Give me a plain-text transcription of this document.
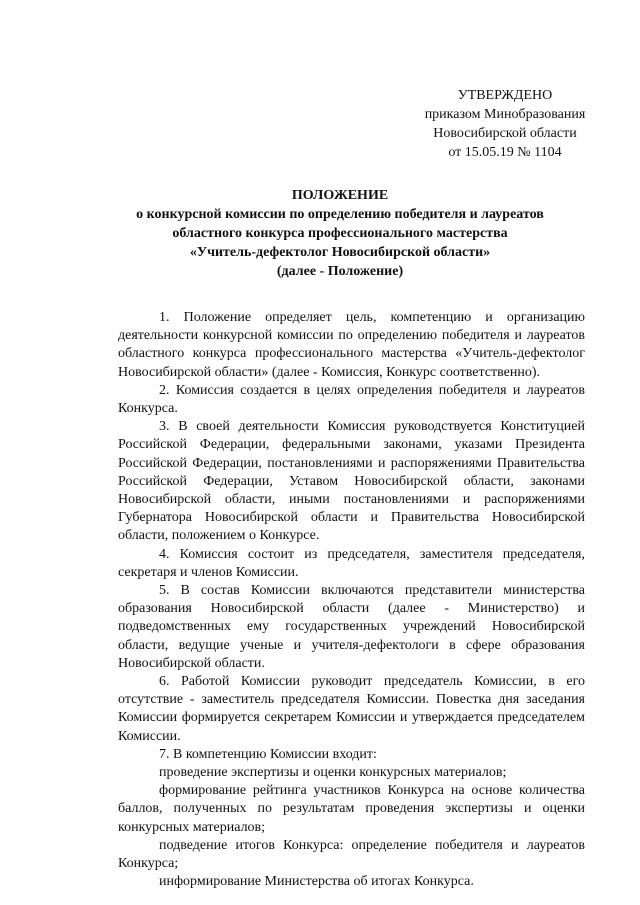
УТВЕРЖДЕНО
приказом Минобразования
Новосибирской области
от 15.05.19 № 1104
ПОЛОЖЕНИЕ
о конкурсной комиссии по определению победителя и лауреатов
областного конкурса профессионального мастерства
«Учитель-дефектолог Новосибирской области»
(далее - Положение)

1. Положение определяет цель, компетенцию и организацию деятельности конкурсной комиссии по определению победителя и лауреатов областного конкурса профессионального мастерства «Учитель-дефектолог Новосибирской области» (далее - Комиссия, Конкурс соответственно).

2. Комиссия создается в целях определения победителя и лауреатов Конкурса.

3. В своей деятельности Комиссия руководствуется Конституцией Российской Федерации, федеральными законами, указами Президента Российской Федерации, постановлениями и распоряжениями Правительства Российской Федерации, Уставом Новосибирской области, законами Новосибирской области, иными постановлениями и распоряжениями Губернатора Новосибирской области и Правительства Новосибирской области, положением о Конкурсе.

4. Комиссия состоит из председателя, заместителя председателя, секретаря и членов Комиссии.

5. В состав Комиссии включаются представители министерства образования Новосибирской области (далее - Министерство) и подведомственных ему государственных учреждений Новосибирской области, ведущие ученые и учителя-дефектологи в сфере образования Новосибирской области.

6. Работой Комиссии руководит председатель Комиссии, в его отсутствие - заместитель председателя Комиссии. Повестка дня заседания Комиссии формируется секретарем Комиссии и утверждается председателем Комиссии.

7. В компетенцию Комиссии входит:

проведение экспертизы и оценки конкурсных материалов;

формирование рейтинга участников Конкурса на основе количества баллов, полученных по результатам проведения экспертизы и оценки конкурсных материалов;

подведение итогов Конкурса: определение победителя и лауреатов Конкурса;

информирование Министерства об итогах Конкурса.
